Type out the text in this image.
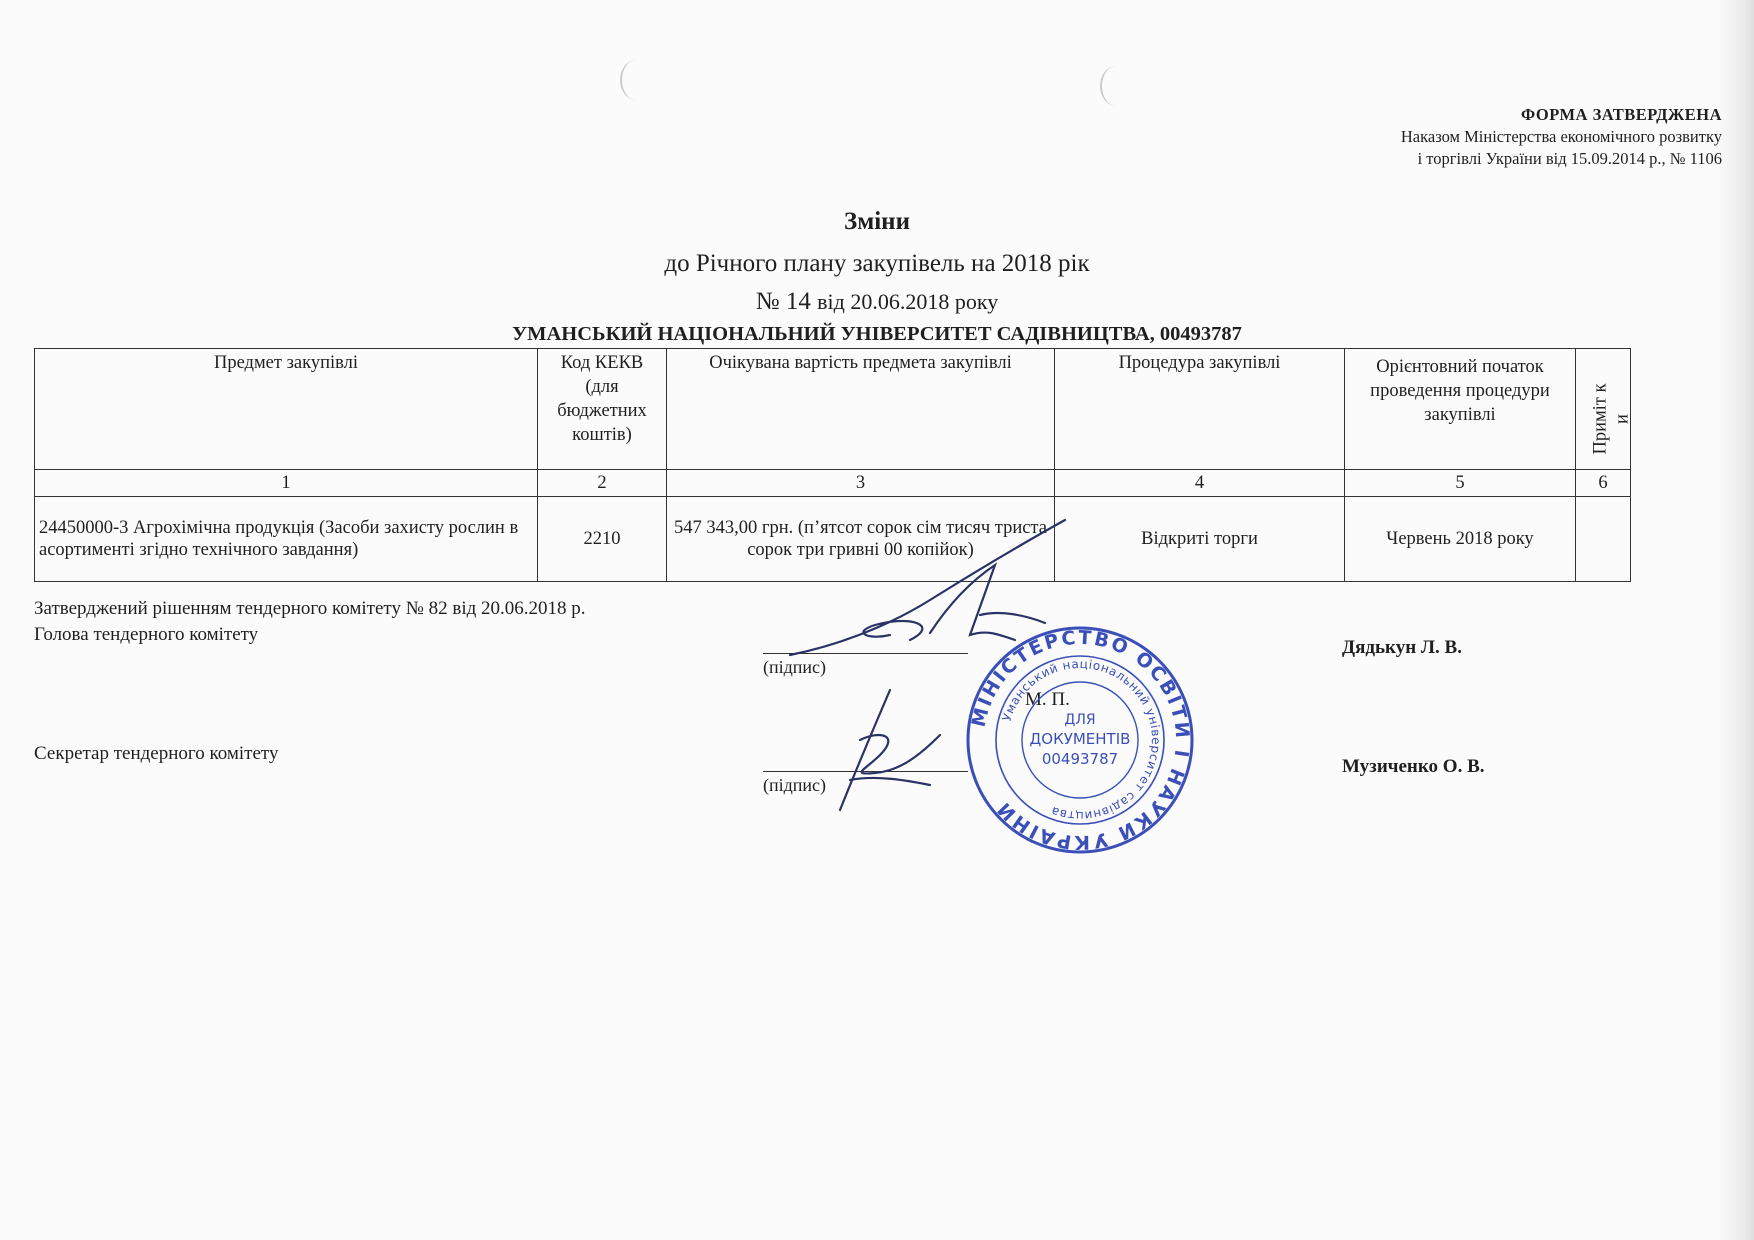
ФОРМА ЗАТВЕРДЖЕНА
Наказом Міністерства економічного розвитку
і торгівлі України від 15.09.2014 р., № 1106
Зміни
до Річного плану закупівель на 2018 рік
№ 14 від 20.06.2018 року
УМАНСЬКИЙ НАЦІОНАЛЬНИЙ УНІВЕРСИТЕТ САДІВНИЦТВА, 00493787
Предмет закупівлі	Код КЕКВ (для бюджетних коштів)	Очікувана вартість предмета закупівлі	Процедура закупівлі	Орієнтовний початок проведення процедури закупівлі	Приміт к и
1	2	3	4	5	6
24450000-3 Агрохімічна продукція (Засоби захисту рослин в асортименті згідно технічного завдання)	2210	547 343,00 грн. (п’ятсот сорок сім тисяч триста сорок три гривні 00 копійок)	Відкриті торги	Червень 2018 року	
Затверджений рішенням тендерного комітету № 82 від 20.06.2018 р.
Голова тендерного комітету
(підпис)
Дядькун Л. В.
М. П.
Секретар тендерного комітету
(підпис)
Музиченко О. В.
МІНІСТЕРСТВО ОСВІТИ І НАУКИ УКРАЇНИ
Уманський національний університет садівництва
ДЛЯ
ДОКУМЕНТІВ
00493787
